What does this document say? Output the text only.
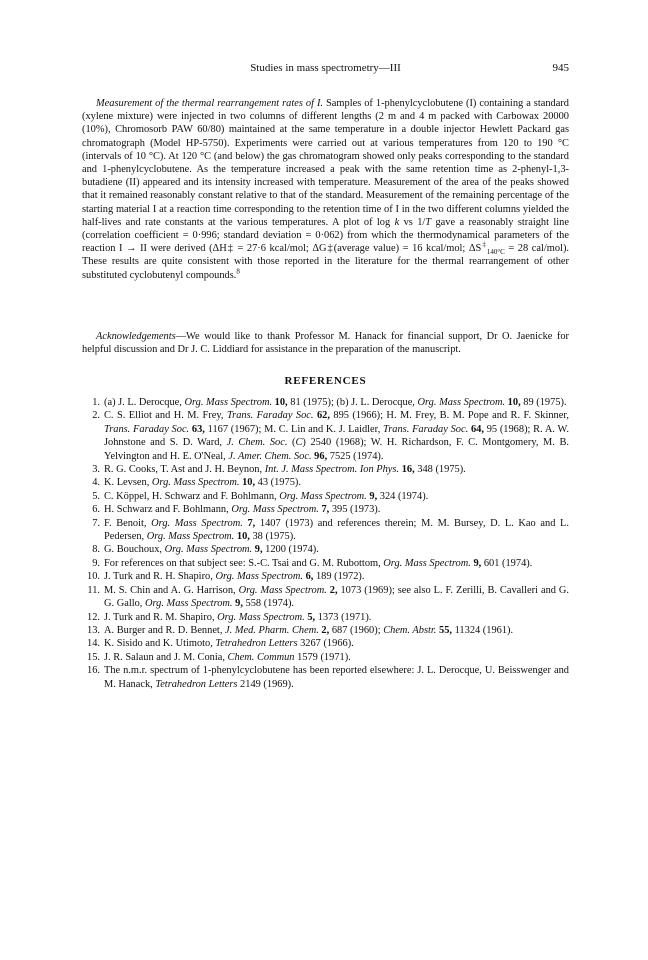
Studies in mass spectrometry—III	945

Measurement of the thermal rearrangement rates of I. Samples of 1-phenylcyclobutene (I) containing a standard (xylene mixture) were injected in two columns of different lengths (2 m and 4 m packed with Carbowax 20000 (10%), Chromosorb PAW 60/80) maintained at the same temperature in a double injector Hewlett Packard gas chromatograph (Model HP-5750). Experiments were carried out at various temperatures from 120 to 190 °C (intervals of 10 °C). At 120 °C (and below) the gas chromatogram showed only peaks corresponding to the standard and 1-phenylcyclobutene. As the temperature increased a peak with the same retention time as 2-phenyl-1,3-butadiene (II) appeared and its intensity increased with temperature. Measurement of the area of the peaks showed that it remained reasonably constant relative to that of the standard. Measurement of the remaining percentage of the starting material I at a reaction time corresponding to the retention time of I in the two different columns yielded the half-lives and rate constants at the various temperatures. A plot of log k vs 1/T gave a reasonably straight line (correlation coefficient = 0·996; standard deviation = 0·062) from which the thermodynamical parameters of the reaction I → II were derived (ΔH‡ = 27·6 kcal/mol; ΔG‡(average value) = 16 kcal/mol; $\Delta S^\ddagger_{140^\circ C} = 28$ cal/mol). These results are quite consistent with those reported in the literature for the thermal rearrangement of other substituted cyclobutenyl compounds.$^8$

Acknowledgements—We would like to thank Professor M. Hanack for financial support, Dr O. Jaenicke for helpful discussion and Dr J. C. Liddiard for assistance in the preparation of the manuscript.

REFERENCES
1. (a) J. L. Derocque, Org. Mass Spectrom. 10, 81 (1975); (b) J. L. Derocque, Org. Mass Spectrom. 10, 89 (1975).
2. C. S. Elliot and H. M. Frey, Trans. Faraday Soc. 62, 895 (1966); H. M. Frey, B. M. Pope and R. F. Skinner, Trans. Faraday Soc. 63, 1167 (1967); M. C. Lin and K. J. Laidler, Trans. Faraday Soc. 64, 95 (1968); R. A. W. Johnstone and S. D. Ward, J. Chem. Soc. (C) 2540 (1968); W. H. Richardson, F. C. Montgomery, M. B. Yelvington and H. E. O'Neal, J. Amer. Chem. Soc. 96, 7525 (1974).
3. R. G. Cooks, T. Ast and J. H. Beynon, Int. J. Mass Spectrom. Ion Phys. 16, 348 (1975).
4. K. Levsen, Org. Mass Spectrom. 10, 43 (1975).
5. C. Köppel, H. Schwarz and F. Bohlmann, Org. Mass Spectrom. 9, 324 (1974).
6. H. Schwarz and F. Bohlmann, Org. Mass Spectrom. 7, 395 (1973).
7. F. Benoit, Org. Mass Spectrom. 7, 1407 (1973) and references therein; M. M. Bursey, D. L. Kao and L. Pedersen, Org. Mass Spectrom. 10, 38 (1975).
8. G. Bouchoux, Org. Mass Spectrom. 9, 1200 (1974).
9. For references on that subject see: S.-C. Tsai and G. M. Rubottom, Org. Mass Spectrom. 9, 601 (1974).
10. J. Turk and R. H. Shapiro, Org. Mass Spectrom. 6, 189 (1972).
11. M. S. Chin and A. G. Harrison, Org. Mass Spectrom. 2, 1073 (1969); see also L. F. Zerilli, B. Cavalleri and G. G. Gallo, Org. Mass Spectrom. 9, 558 (1974).
12. J. Turk and R. M. Shapiro, Org. Mass Spectrom. 5, 1373 (1971).
13. A. Burger and R. D. Bennet, J. Med. Pharm. Chem. 2, 687 (1960); Chem. Abstr. 55, 11324 (1961).
14. K. Sisido and K. Utimoto, Tetrahedron Letters 3267 (1966).
15. J. R. Salaun and J. M. Conia, Chem. Commun 1579 (1971).
16. The n.m.r. spectrum of 1-phenylcyclobutene has been reported elsewhere: J. L. Derocque, U. Beisswenger and M. Hanack, Tetrahedron Letters 2149 (1969).
